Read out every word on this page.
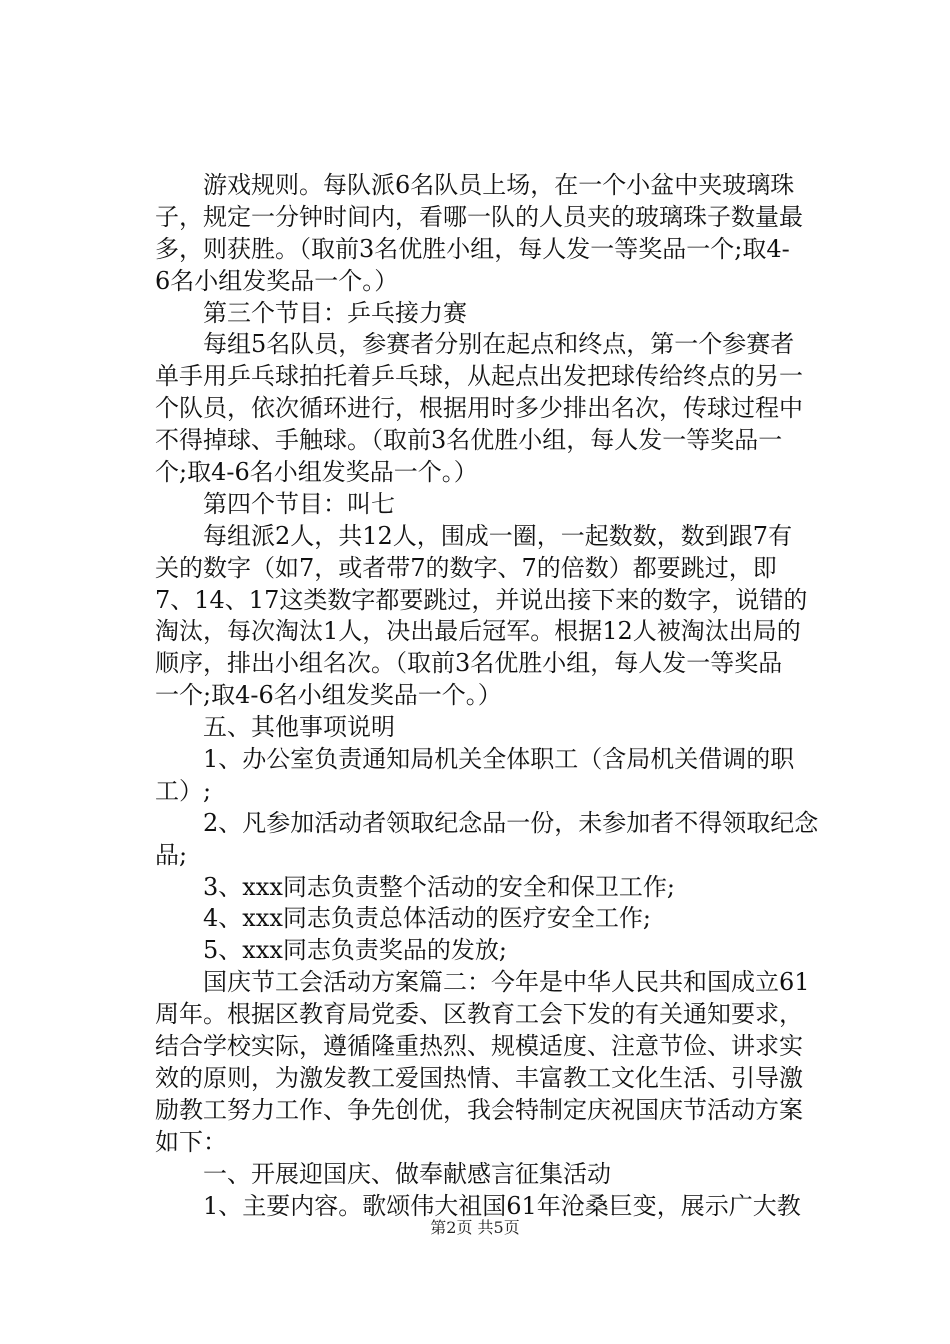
　　游戏规则。每队派6名队员上场，在一个小盆中夹玻璃珠
子，规定一分钟时间内，看哪一队的人员夹的玻璃珠子数量最
多，则获胜。（取前3名优胜小组，每人发一等奖品一个;取4-
6名小组发奖品一个。）
　　第三个节目：乒乓接力赛
　　每组5名队员，参赛者分别在起点和终点，第一个参赛者
单手用乒乓球拍托着乒乓球，从起点出发把球传给终点的另一
个队员，依次循环进行，根据用时多少排出名次，传球过程中
不得掉球、手触球。（取前3名优胜小组，每人发一等奖品一
个;取4-6名小组发奖品一个。）
　　第四个节目：叫七
　　每组派2人，共12人，围成一圈，一起数数，数到跟7有
关的数字（如7，或者带7的数字、7的倍数）都要跳过，即
7、14、17这类数字都要跳过，并说出接下来的数字，说错的
淘汰，每次淘汰1人，决出最后冠军。根据12人被淘汰出局的
顺序，排出小组名次。（取前3名优胜小组，每人发一等奖品
一个;取4-6名小组发奖品一个。）
　　五、其他事项说明
　　1、办公室负责通知局机关全体职工（含局机关借调的职
工）;
　　2、凡参加活动者领取纪念品一份，未参加者不得领取纪念
品;
　　3、xxx同志负责整个活动的安全和保卫工作;
　　4、xxx同志负责总体活动的医疗安全工作;
　　5、xxx同志负责奖品的发放;
　　国庆节工会活动方案篇二：今年是中华人民共和国成立61
周年。根据区教育局党委、区教育工会下发的有关通知要求，
结合学校实际，遵循隆重热烈、规模适度、注意节俭、讲求实
效的原则，为激发教工爱国热情、丰富教工文化生活、引导激
励教工努力工作、争先创优，我会特制定庆祝国庆节活动方案
如下：
　　一、开展迎国庆、做奉献感言征集活动
　　1、主要内容。歌颂伟大祖国61年沧桑巨变，展示广大教
第2页 共5页
